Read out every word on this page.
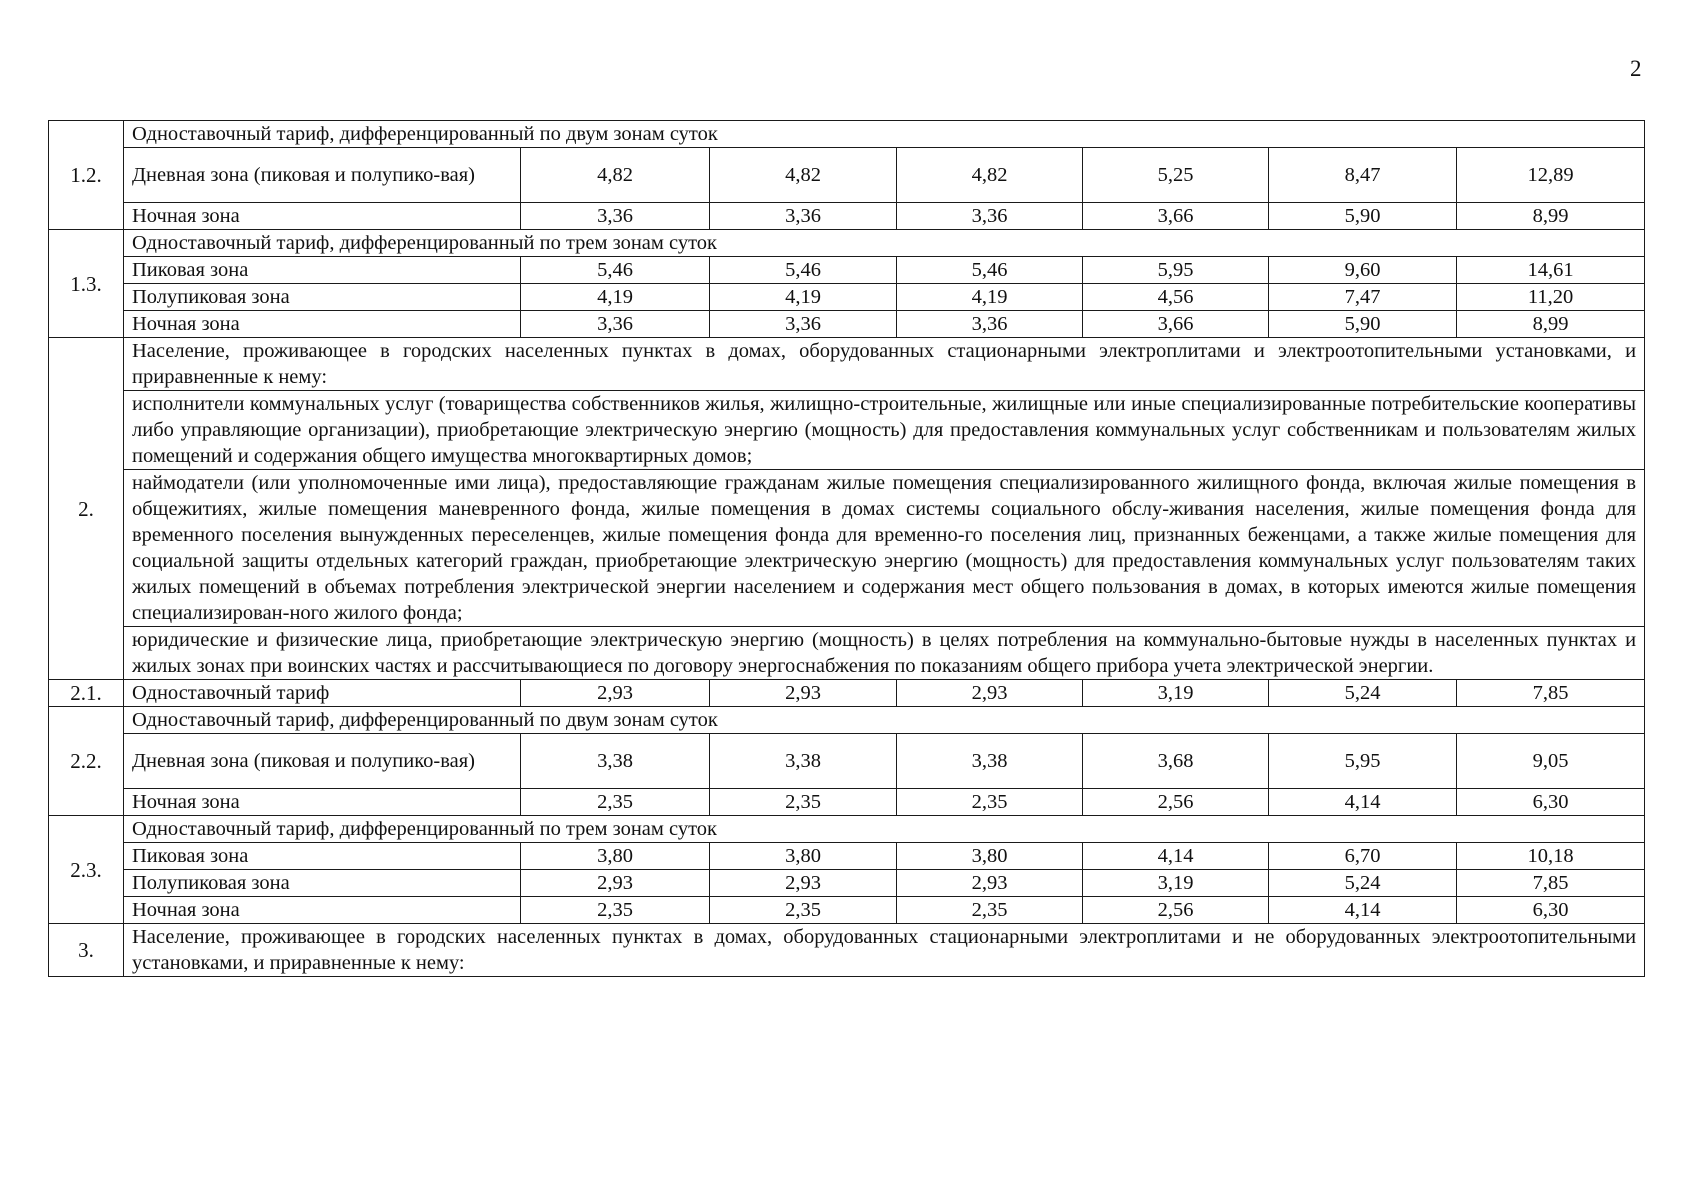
2
1.2.	Одноставочный тариф, дифференцированный по двум зонам суток						
	Дневная зона (пиковая и полупико-вая)	4,82	4,82	4,82	5,25	8,47	12,89
	Ночная зона	3,36	3,36	3,36	3,66	5,90	8,99
1.3.	Одноставочный тариф, дифференцированный по трем зонам суток						
	Пиковая зона	5,46	5,46	5,46	5,95	9,60	14,61
	Полупиковая зона	4,19	4,19	4,19	4,56	7,47	11,20
	Ночная зона	3,36	3,36	3,36	3,66	5,90	8,99
2.	Население, проживающее в городских населенных пунктах в домах, оборудованных стационарными электроплитами и электроотопительными установками, и приравненные к нему:						
	исполнители коммунальных услуг (товарищества собственников жилья, жилищно-строительные, жилищные или иные специализированные потребительские кооперативы либо управляющие организации), приобретающие электрическую энергию (мощность) для предоставления коммунальных услуг собственникам и пользователям жилых помещений и содержания общего имущества многоквартирных домов;						
	наймодатели (или уполномоченные ими лица), предоставляющие гражданам жилые помещения специализированного жилищного фонда, включая жилые помещения в общежитиях, жилые помещения маневренного фонда, жилые помещения в домах системы социального обслу-живания населения, жилые помещения фонда для временного поселения вынужденных переселенцев, жилые помещения фонда для временно-го поселения лиц, признанных беженцами, а также жилые помещения для социальной защиты отдельных категорий граждан, приобретающие электрическую энергию (мощность) для предоставления коммунальных услуг пользователям таких жилых помещений в объемах потребления электрической энергии населением и содержания мест общего пользования в домах, в которых имеются жилые помещения специализирован-ного жилого фонда;						
	юридические и физические лица, приобретающие электрическую энергию (мощность) в целях потребления на коммунально-бытовые нужды в населенных пунктах и жилых зонах при воинских частях и рассчитывающиеся по договору энергоснабжения по показаниям общего прибора учета электрической энергии.						
2.1.	Одноставочный тариф	2,93	2,93	2,93	3,19	5,24	7,85
2.2.	Одноставочный тариф, дифференцированный по двум зонам суток						
	Дневная зона (пиковая и полупико-вая)	3,38	3,38	3,38	3,68	5,95	9,05
	Ночная зона	2,35	2,35	2,35	2,56	4,14	6,30
2.3.	Одноставочный тариф, дифференцированный по трем зонам суток						
	Пиковая зона	3,80	3,80	3,80	4,14	6,70	10,18
	Полупиковая зона	2,93	2,93	2,93	3,19	5,24	7,85
	Ночная зона	2,35	2,35	2,35	2,56	4,14	6,30
3.	Население, проживающее в городских населенных пунктах в домах, оборудованных стационарными электроплитами и не оборудованных электроотопительными установками, и приравненные к нему:						
